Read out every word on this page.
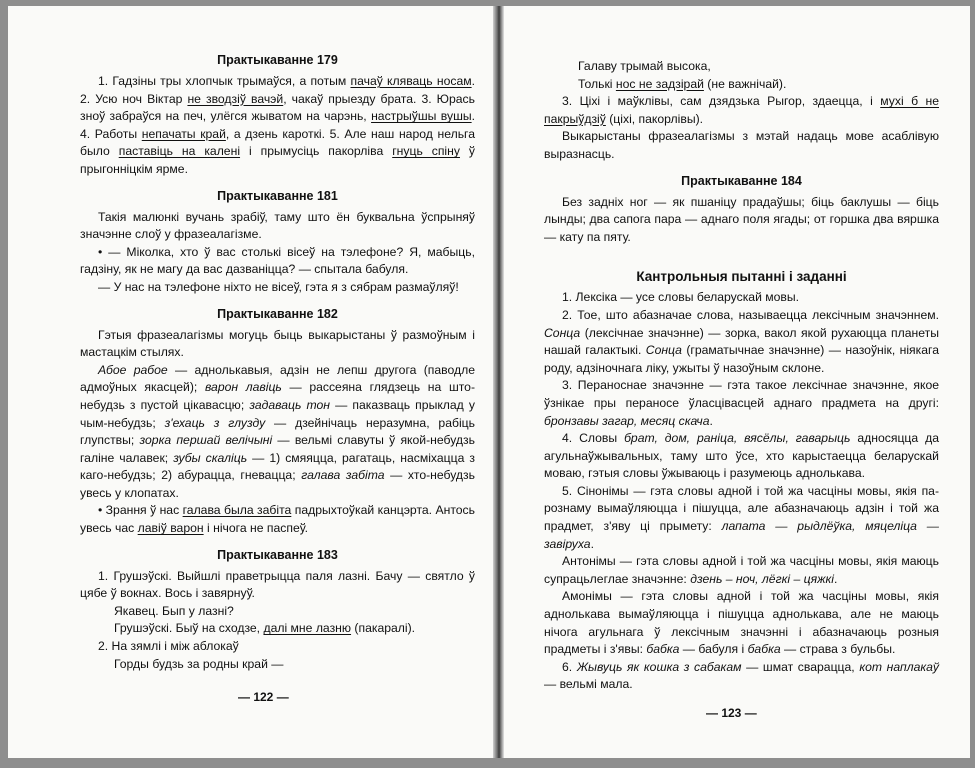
Практыкаванне 179

1. Гадзіны тры хлопчык трымаўся, а потым пачаў кляваць носам. 2. Усю ноч Віктар не зводзіў вачэй, чакаў прыезду брата. 3. Юрась зноў забраўся на печ, улёгся жыватом на чарэнь, настрыўшы вушы. 4. Работы непачаты край, а дзень кароткі. 5. Але наш народ нельга было паставіць на калені і прымусіць пакорліва гнуць спіну ў прыгонніцкім ярме.

Практыкаванне 181

Такія малюнкі вучань зрабіў, таму што ён буквальна ўспрыняў значэнне слоў у фразеалагізме.

• — Міколка, хто ў вас столькі вісеў на тэлефоне? Я, мабыць, гадзіну, як не магу да вас дазваніцца? — спытала бабуля.

— У нас на тэлефоне ніхто не вісеў, гэта я з сябрам размаўляў!

Практыкаванне 182

Гэтыя фразеалагізмы могуць быць выкарыстаны ў размоўным і мастацкім стылях.

Абое рабое — аднолькавыя, адзін не лепш другога (паводле адмоўных якасцей); варон лавіць — рассеяна глядзець на што-небудзь з пустой цікавасцю; задаваць тон — паказваць прыклад у чым-небудзь; з'ехаць з глузду — дзейнічаць неразумна, рабіць глупствы; зорка першай велічыні — вельмі славуты ў якой-небудзь галіне чалавек; зубы скаліць — 1) смяяцца, рагатаць, насміхацца з каго-небудзь; 2) абурацца, гневацца; галава забіта — хто-небудзь увесь у клопатах.

• Зрання ў нас галава была забіта падрыхтоўкай канцэрта. Антось увесь час лавіў варон і нічога не паспеў.

Практыкаванне 183

1. Грушэўскі. Выйшлі праветрыцца паля лазні. Бачу — святло ў цябе ў вокнах. Вось і завярнуў.

Якавец. Бып у лазні?

Грушэўскі. Быў на сходзе, далі мне лазню (пакаралі).

2. На зямлі і між аблокаў

Горды будзь за родны край —

— 122 —

Галаву трымай высока,

Толькі нос не задзірай (не важнічай).

3. Ціхі і маўклівы, сам дзядзька Рыгор, здаецца, і мухі б не пакрыўдзіў (ціхі, пакорлівы).

Выкарыстаны фразеалагізмы з мэтай надаць мове асаблівую выразнасць.

Практыкаванне 184

Без задніх ног — як пшаніцу прадаўшы; біць баклушы — біць лынды; два сапога пара — аднаго поля ягады; от горшка два вяршка — кату па пяту.

Кантрольныя пытанні і заданні

1. Лексіка — усе словы беларускай мовы.

2. Тое, што абазначае слова, называецца лексічным значэннем. Сонца (лексічнае значэнне) — зорка, вакол якой рухаюцца планеты нашай галактыкі. Сонца (граматычнае значэнне) — назоўнік, ніякага роду, адзіночнага ліку, ужыты ў назоўным склоне.

3. Пераноснае значэнне — гэта такое лексічнае значэнне, якое ўзнікае пры пераносе ўласцівасцей аднаго прадмета на другі: бронзавы загар, месяц скача.

4. Словы брат, дом, раніца, вясёлы, гаварыць адносяцца да агульнаўжывальных, таму што ўсе, хто карыстаецца беларускай моваю, гэтыя словы ўжываюць і разумеюць аднолькава.

5. Сінонімы — гэта словы адной і той жа часціны мовы, якія па-рознаму вымаўляюцца і пішуцца, але абазначаюць адзін і той жа прадмет, з'яву ці прымету: лапата — рыдлёўка, мяцеліца — завіруха.

Антонімы — гэта словы адной і той жа часціны мовы, якія маюць супрацьлеглае значэнне: дзень – ноч, лёгкі – цяжкі.

Амонімы — гэта словы адной і той жа часціны мовы, якія аднолькава вымаўляюцца і пішуцца аднолькава, але не маюць нічога агульнага ў лексічным значэнні і абазначаюць розныя прадметы і з'явы: бабка — бабуля і бабка — страва з бульбы.

6. Жывуць як кошка з сабакам — шмат сварацца, кот наплакаў — вельмі мала.

— 123 —
